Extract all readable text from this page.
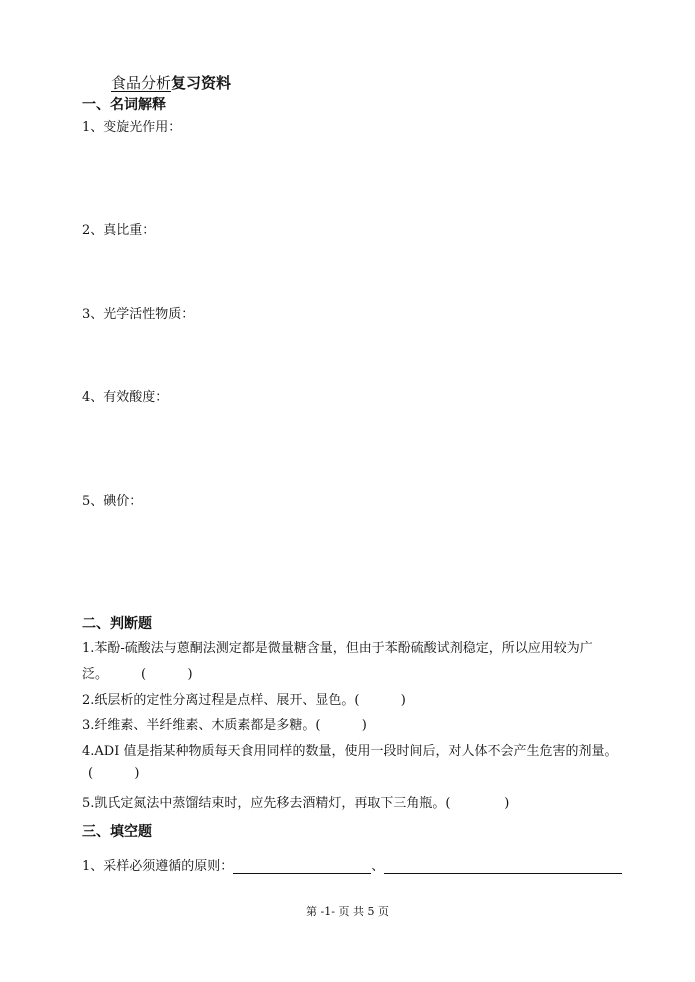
食品分析复习资料
一、名词解释
1、变旋光作用：
2、真比重：
3、光学活性物质：
4、有效酸度：
5、碘价：
二、判断题
1.苯酚-硫酸法与蒽酮法测定都是微量糖含量，但由于苯酚硫酸试剂稳定，所以应用较为广
泛。        (          )
2.纸层析的定性分离过程是点样、展开、显色。(          )
3.纤维素、半纤维素、木质素都是多糖。(          )
4.ADI 值是指某种物质每天食用同样的数量，使用一段时间后，对人体不会产生危害的剂量。
(          )
5.凯氏定氮法中蒸馏结束时，应先移去酒精灯，再取下三角瓶。(             )
三、填空题
1、采样必须遵循的原则：	、
第 -1- 页 共 5 页
